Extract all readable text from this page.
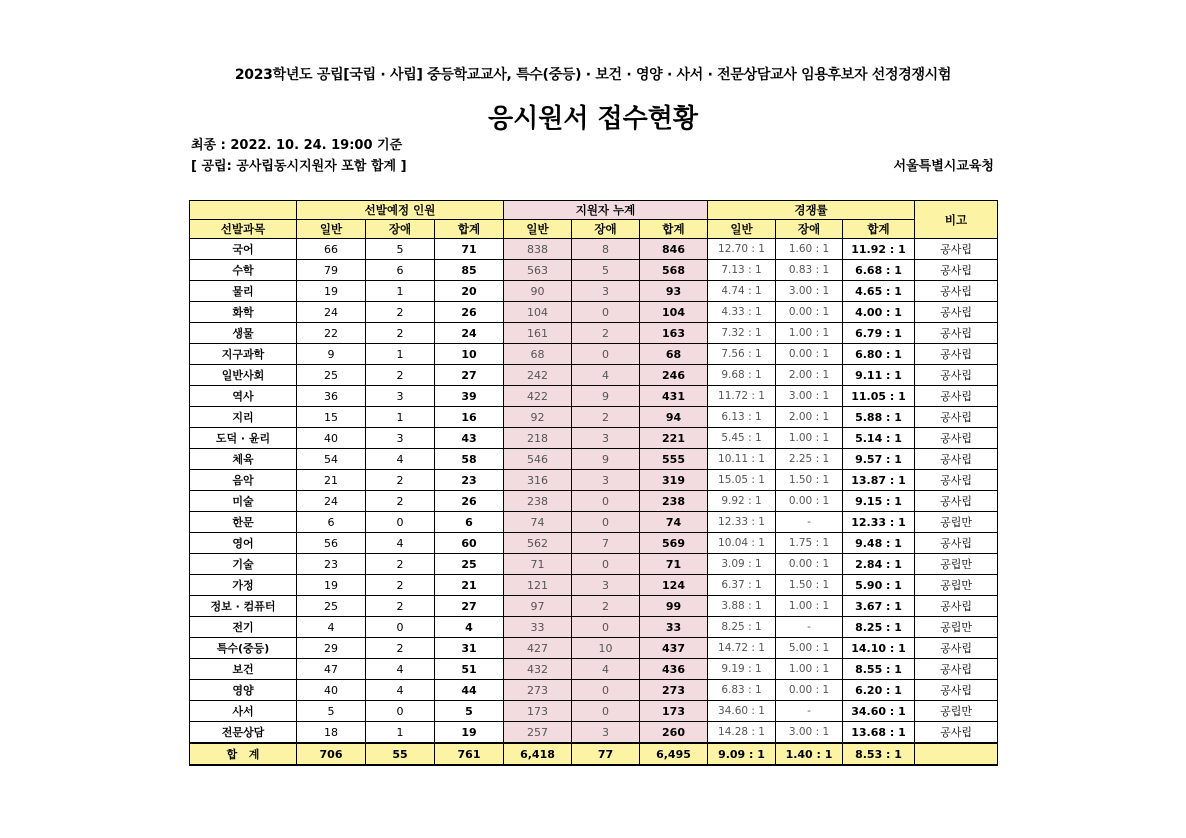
2023학년도 공립[국립 · 사립] 중등학교교사, 특수(중등) · 보건 · 영양 · 사서 · 전문상담교사 임용후보자 선정경쟁시험
응시원서 접수현황
최종 : 2022. 10. 24. 19:00 기준
[ 공립: 공사립동시지원자 포함 합계 ]	서울특별시교육청
	선발예정 인원			지원자 누계			경쟁률			비고
선발과목	일반	장애	합계	일반	장애	합계	일반	장애	합계	
국어	66	5	71	838	8	846	12.70 : 1	1.60 : 1	11.92 : 1	공사립
수학	79	6	85	563	5	568	7.13 : 1	0.83 : 1	6.68 : 1	공사립
물리	19	1	20	90	3	93	4.74 : 1	3.00 : 1	4.65 : 1	공사립
화학	24	2	26	104	0	104	4.33 : 1	0.00 : 1	4.00 : 1	공사립
생물	22	2	24	161	2	163	7.32 : 1	1.00 : 1	6.79 : 1	공사립
지구과학	9	1	10	68	0	68	7.56 : 1	0.00 : 1	6.80 : 1	공사립
일반사회	25	2	27	242	4	246	9.68 : 1	2.00 : 1	9.11 : 1	공사립
역사	36	3	39	422	9	431	11.72 : 1	3.00 : 1	11.05 : 1	공사립
지리	15	1	16	92	2	94	6.13 : 1	2.00 : 1	5.88 : 1	공사립
도덕 · 윤리	40	3	43	218	3	221	5.45 : 1	1.00 : 1	5.14 : 1	공사립
체육	54	4	58	546	9	555	10.11 : 1	2.25 : 1	9.57 : 1	공사립
음악	21	2	23	316	3	319	15.05 : 1	1.50 : 1	13.87 : 1	공사립
미술	24	2	26	238	0	238	9.92 : 1	0.00 : 1	9.15 : 1	공사립
한문	6	0	6	74	0	74	12.33 : 1	-	12.33 : 1	공립만
영어	56	4	60	562	7	569	10.04 : 1	1.75 : 1	9.48 : 1	공사립
기술	23	2	25	71	0	71	3.09 : 1	0.00 : 1	2.84 : 1	공립만
가정	19	2	21	121	3	124	6.37 : 1	1.50 : 1	5.90 : 1	공립만
정보 · 컴퓨터	25	2	27	97	2	99	3.88 : 1	1.00 : 1	3.67 : 1	공사립
전기	4	0	4	33	0	33	8.25 : 1	-	8.25 : 1	공립만
특수(중등)	29	2	31	427	10	437	14.72 : 1	5.00 : 1	14.10 : 1	공사립
보건	47	4	51	432	4	436	9.19 : 1	1.00 : 1	8.55 : 1	공사립
영양	40	4	44	273	0	273	6.83 : 1	0.00 : 1	6.20 : 1	공사립
사서	5	0	5	173	0	173	34.60 : 1	-	34.60 : 1	공립만
전문상담	18	1	19	257	3	260	14.28 : 1	3.00 : 1	13.68 : 1	공사립
합   계	706	55	761	6,418	77	6,495	9.09 : 1	1.40 : 1	8.53 : 1	
